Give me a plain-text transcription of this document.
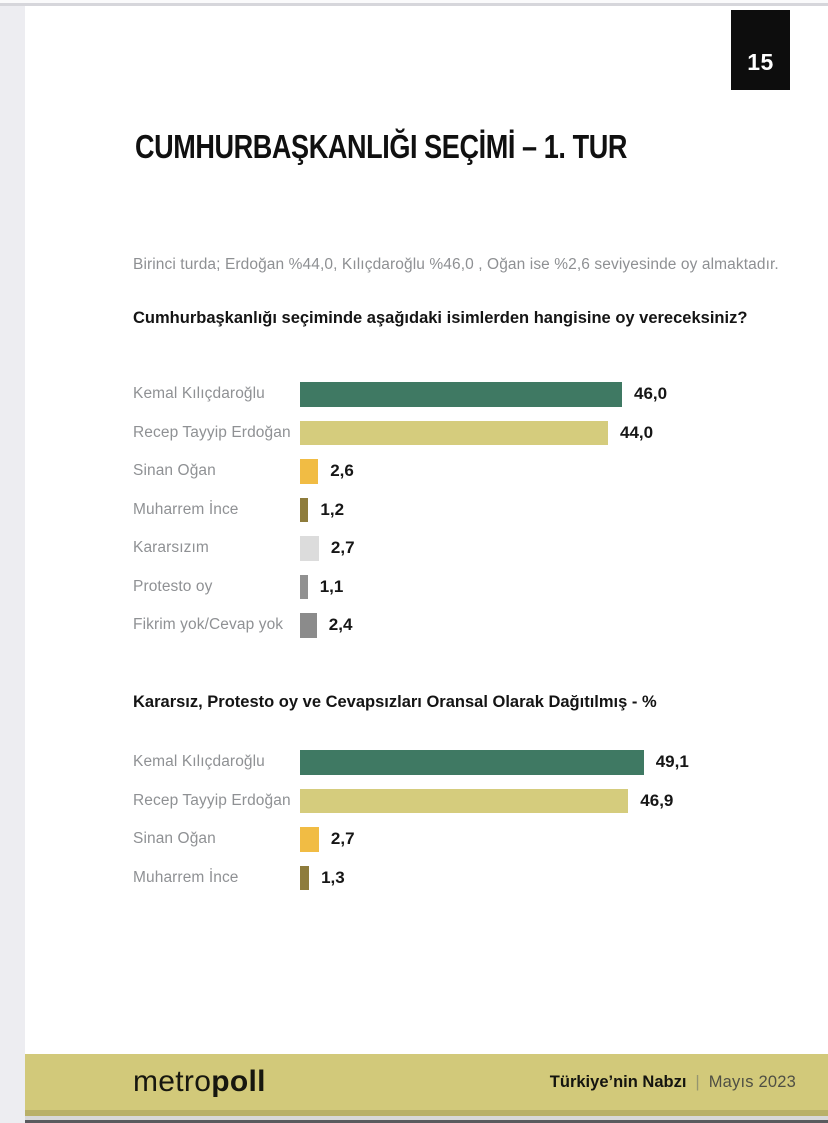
15
CUMHURBAŞKANLIĞI SEÇİMİ – 1. TUR

Birinci turda; Erdoğan %44,0, Kılıçdaroğlu %46,0 , Oğan ise %2,6 seviyesinde oy almaktadır.

Cumhurbaşkanlığı seçiminde aşağıdaki isimlerden hangisine oy vereceksiniz?
Kemal Kılıçdaroğlu	46,0
Recep Tayyip Erdoğan	44,0
Sinan Oğan	2,6
Muharrem İnce	1,2
Kararsızım	2,7
Protesto oy	1,1
Fikrim yok/Cevap yok	2,4
Kararsız, Protesto oy ve Cevapsızları Oransal Olarak Dağıtılmış - %
Kemal Kılıçdaroğlu	49,1
Recep Tayyip Erdoğan	46,9
Sinan Oğan	2,7
Muharrem İnce	1,3
metropoll	Türkiye’nin Nabzı | Mayıs 2023
